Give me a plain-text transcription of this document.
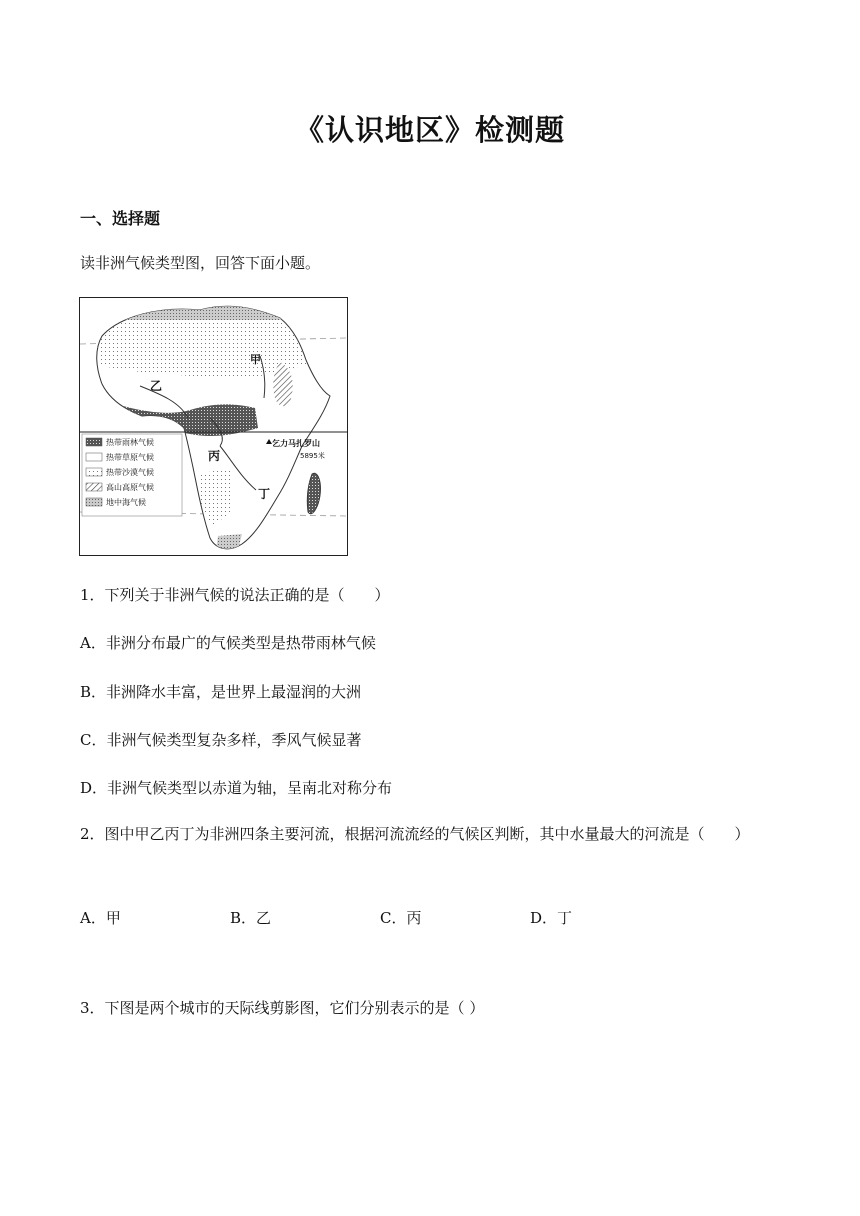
《认识地区》检测题
一、选择题
读非洲气候类型图，回答下面小题。
热带雨林气候
热带草原气候
热带沙漠气候
高山高原气候
地中海气候
甲
乙
丙
丁
乞力马扎罗山
5895米
1．下列关于非洲气候的说法正确的是（　　）
A．非洲分布最广的气候类型是热带雨林气候
B．非洲降水丰富，是世界上最湿润的大洲
C．非洲气候类型复杂多样，季风气候显著
D．非洲气候类型以赤道为轴，呈南北对称分布
2．图中甲乙丙丁为非洲四条主要河流，根据河流流经的气候区判断，其中水量最大的河流是（　　）
A．甲	B．乙	C．丙	D．丁
3．下图是两个城市的天际线剪影图，它们分别表示的是（ ）
